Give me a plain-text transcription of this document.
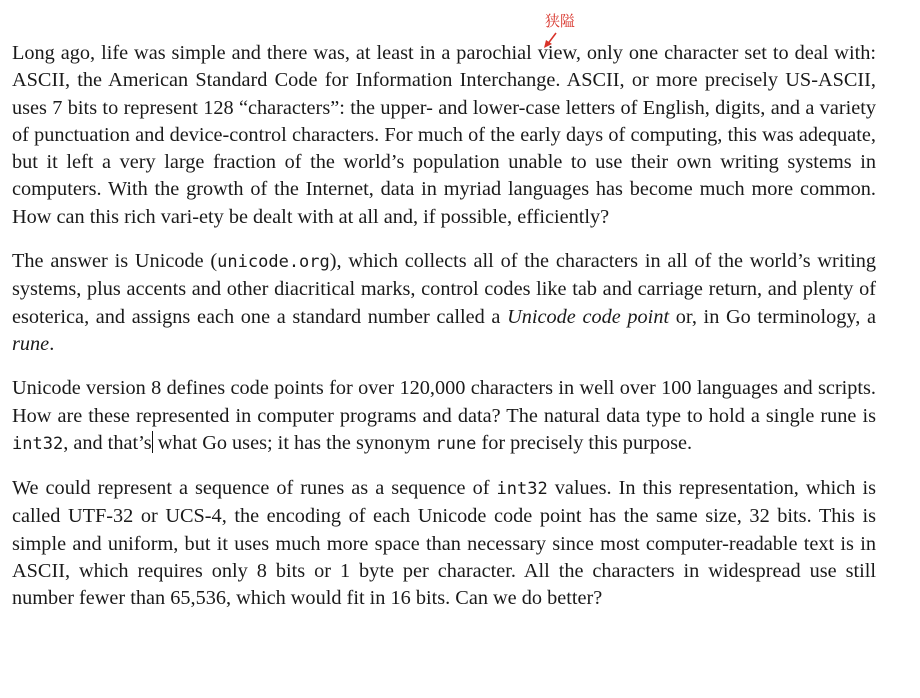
狭隘

Long ago, life was simple and there was, at least in a parochial view, only one character set to deal with: ASCII, the American Standard Code for Information Interchange. ASCII, or more precisely US-ASCII, uses 7 bits to represent 128 “characters”: the upper- and lower-case letters of English, digits, and a variety of punctuation and device-control characters. For much of the early days of computing, this was adequate, but it left a very large fraction of the world’s population unable to use their own writing systems in computers. With the growth of the Internet, data in myriad languages has become much more common. How can this rich vari-ety be dealt with at all and, if possible, efficiently?

The answer is Unicode (unicode.org), which collects all of the characters in all of the world’s writing systems, plus accents and other diacritical marks, control codes like tab and carriage return, and plenty of esoterica, and assigns each one a standard number called a Unicode code point or, in Go terminology, a rune.

Unicode version 8 defines code points for over 120,000 characters in well over 100 languages and scripts. How are these represented in computer programs and data? The natural data type to hold a single rune is int32, and that’s what Go uses; it has the synonym rune for precisely this purpose.

We could represent a sequence of runes as a sequence of int32 values. In this representation, which is called UTF-32 or UCS-4, the encoding of each Unicode code point has the same size, 32 bits. This is simple and uniform, but it uses much more space than necessary since most computer-readable text is in ASCII, which requires only 8 bits or 1 byte per character. All the characters in widespread use still number fewer than 65,536, which would fit in 16 bits. Can we do better?
